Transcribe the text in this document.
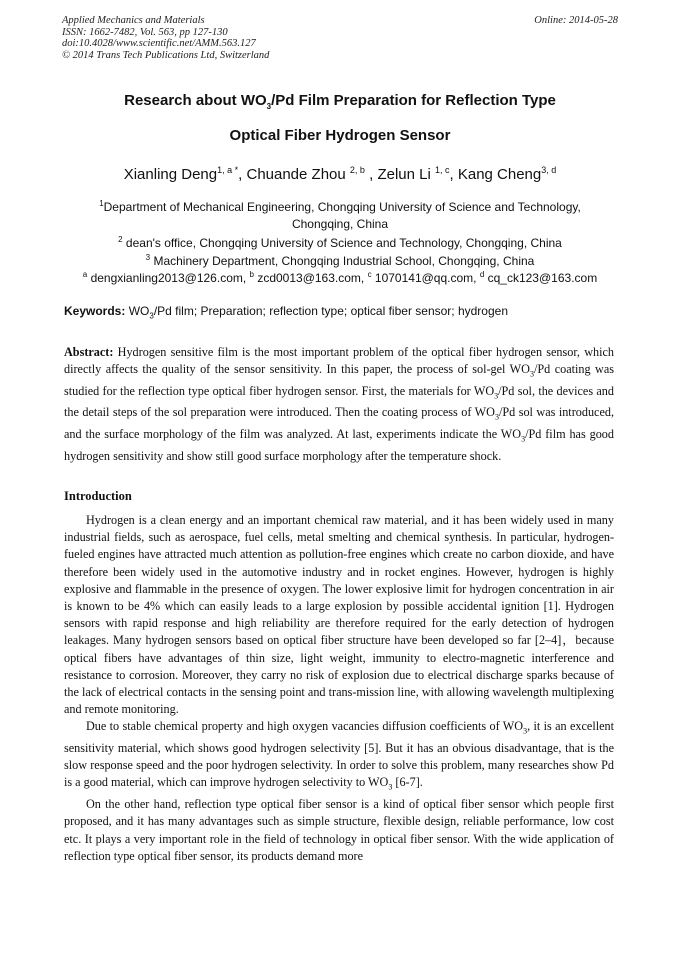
Applied Mechanics and Materials	Online: 2014-05-28
ISSN: 1662-7482, Vol. 563, pp 127-130
doi:10.4028/www.scientific.net/AMM.563.127
© 2014 Trans Tech Publications Ltd, Switzerland
Research about $WO_3/Pd$ Film Preparation for Reflection Type
Optical Fiber Hydrogen Sensor
Xianling Deng$^{1, a *}$, Chuande Zhou $^{2, b}$ , Zelun Li $^{1, c}$, Kang Cheng$^{3, d}$
$^1$Department of Mechanical Engineering, Chongqing University of Science and Technology,
Chongqing, China
$^2$ dean's office, Chongqing University of Science and Technology, Chongqing, China
$^3$ Machinery Department, Chongqing Industrial School, Chongqing, China
$^a$ dengxianling2013@126.com, $^b$ zcd0013@163.com, $^c$ 1070141@qq.com, $^d$ cq_ck123@163.com
Keywords: $WO_3/Pd$ film; Preparation; reflection type; optical fiber sensor; hydrogen
Abstract: Hydrogen sensitive film is the most important problem of the optical fiber hydrogen sensor, which directly affects the quality of the sensor sensitivity. In this paper, the process of sol-gel $WO_3/Pd$ coating was studied for the reflection type optical fiber hydrogen sensor. First, the materials for $WO_3/Pd$ sol, the devices and the detail steps of the sol preparation were introduced. Then the coating process of $WO_3/Pd$ sol was introduced, and the surface morphology of the film was analyzed. At last, experiments indicate the $WO_3/Pd$ film has good hydrogen sensitivity and show still good surface morphology after the temperature shock.
Introduction

Hydrogen is a clean energy and an important chemical raw material, and it has been widely used in many industrial fields, such as aerospace, fuel cells, metal smelting and chemical synthesis. In particular, hydrogen-fueled engines have attracted much attention as pollution-free engines which create no carbon dioxide, and have therefore been widely used in the automotive industry and in rocket engines. However, hydrogen is highly explosive and flammable in the presence of oxygen. The lower explosive limit for hydrogen concentration in air is known to be 4% which can easily leads to a large explosion by possible accidental ignition [1]. Hydrogen sensors with rapid response and high reliability are therefore required for the early detection of hydrogen leakages. Many hydrogen sensors based on optical fiber structure have been developed so far [2–4]，because optical fibers have advantages of thin size, light weight, immunity to electro-magnetic interference and resistance to corrosion. Moreover, they carry no risk of explosion due to electrical discharge sparks because of the lack of electrical contacts in the sensing point and trans-mission line, with allowing wavelength multiplexing and remote monitoring.

Due to stable chemical property and high oxygen vacancies diffusion coefficients of $WO_3$, it is an excellent sensitivity material, which shows good hydrogen selectivity [5]. But it has an obvious disadvantage, that is the slow response speed and the poor hydrogen selectivity. In order to solve this problem, many researches show Pd is a good material, which can improve hydrogen selectivity to $WO_3$ [6-7].

On the other hand, reflection type optical fiber sensor is a kind of optical fiber sensor which people first proposed, and it has many advantages such as simple structure, flexible design, reliable performance, low cost etc. It plays a very important role in the field of technology in optical fiber sensor. With the wide application of reflection type optical fiber sensor, its products demand more
